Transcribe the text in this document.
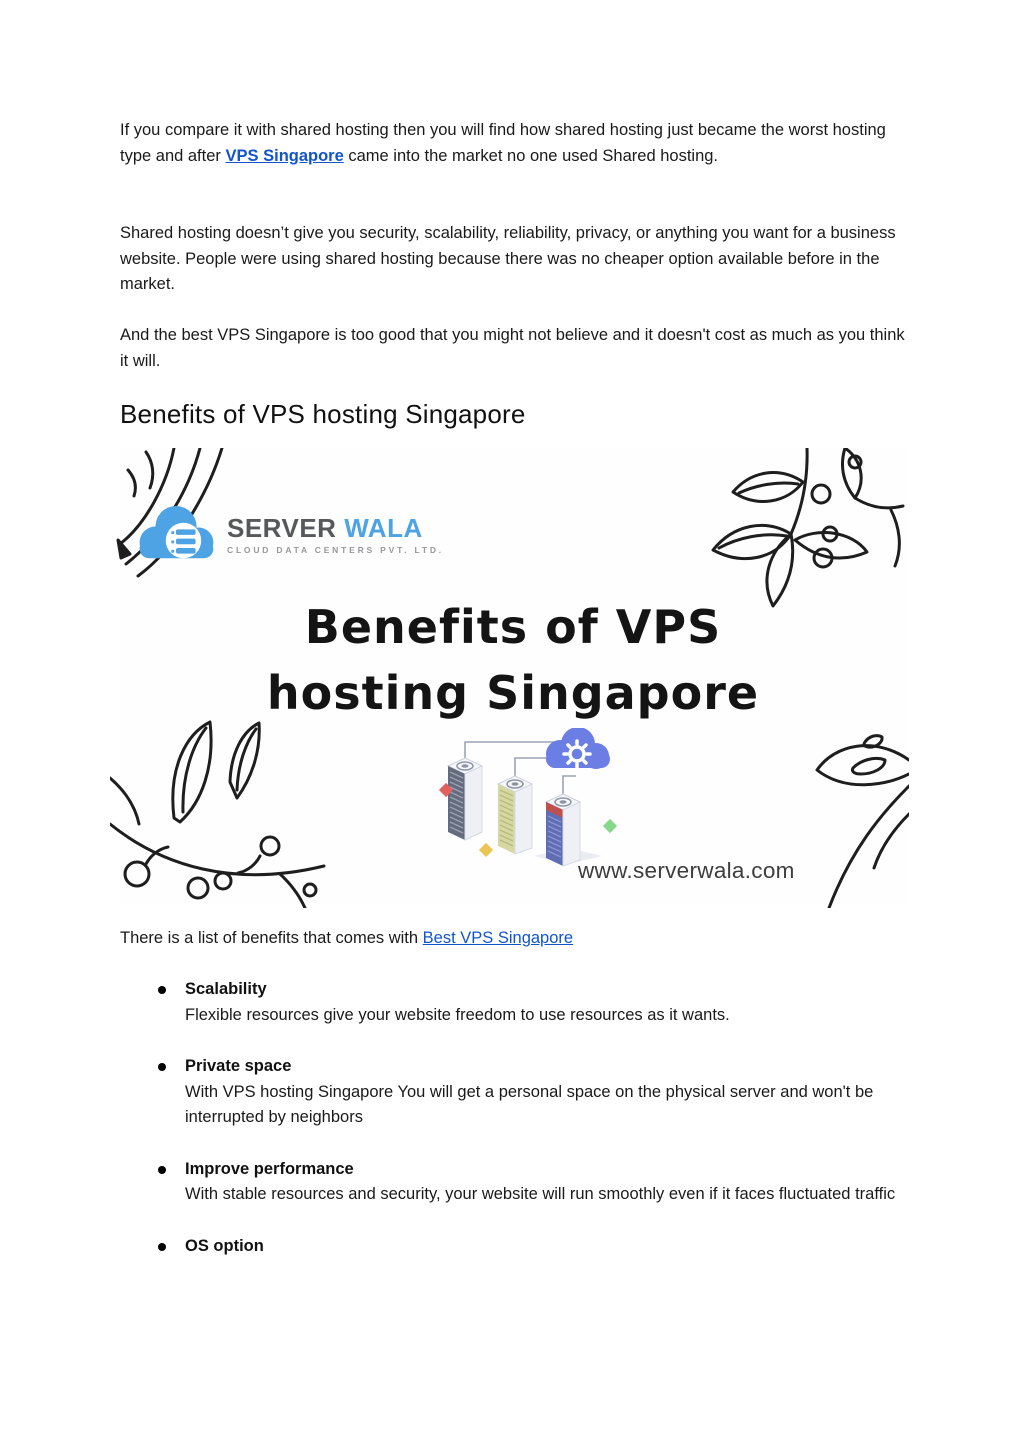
If you compare it with shared hosting then you will find how shared hosting just became the worst hosting type and after VPS Singapore came into the market no one used Shared hosting.

Shared hosting doesn’t give you security, scalability, reliability, privacy, or anything you want for a business website. People were using shared hosting because there was no cheaper option available before in the market.

And the best VPS Singapore is too good that you might not believe and it doesn't cost as much as you think it will.

Benefits of VPS hosting Singapore
SERVER WALA
CLOUD DATA CENTERS PVT. LTD.
Benefits of VPS
hosting Singapore
www.serverwala.com

There is a list of benefits that comes with Best VPS Singapore

Scalability
Flexible resources give your website freedom to use resources as it wants.
Private space
With VPS hosting Singapore You will get a personal space on the physical server and won't be interrupted by neighbors
Improve performance
With stable resources and security, your website will run smoothly even if it faces fluctuated traffic
OS option
